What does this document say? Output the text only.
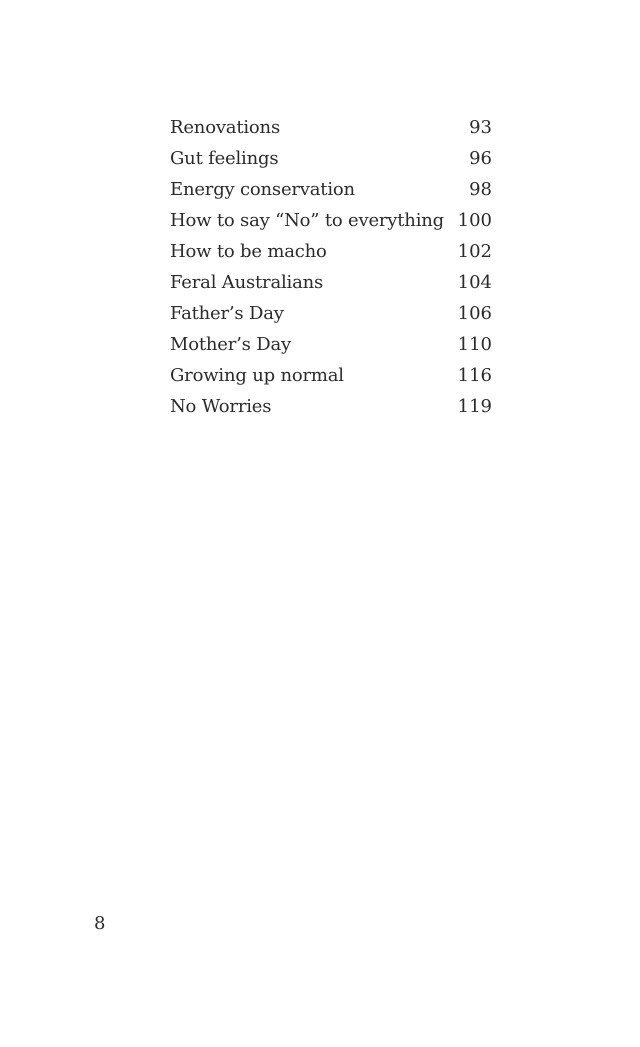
Renovations	93
Gut feelings	96
Energy conservation	98
How to say “No” to everything 100
How to be macho	102
Feral Australians	104
Father’s Day	106
Mother’s Day	110
Growing up normal	116
No Worries	119
8
